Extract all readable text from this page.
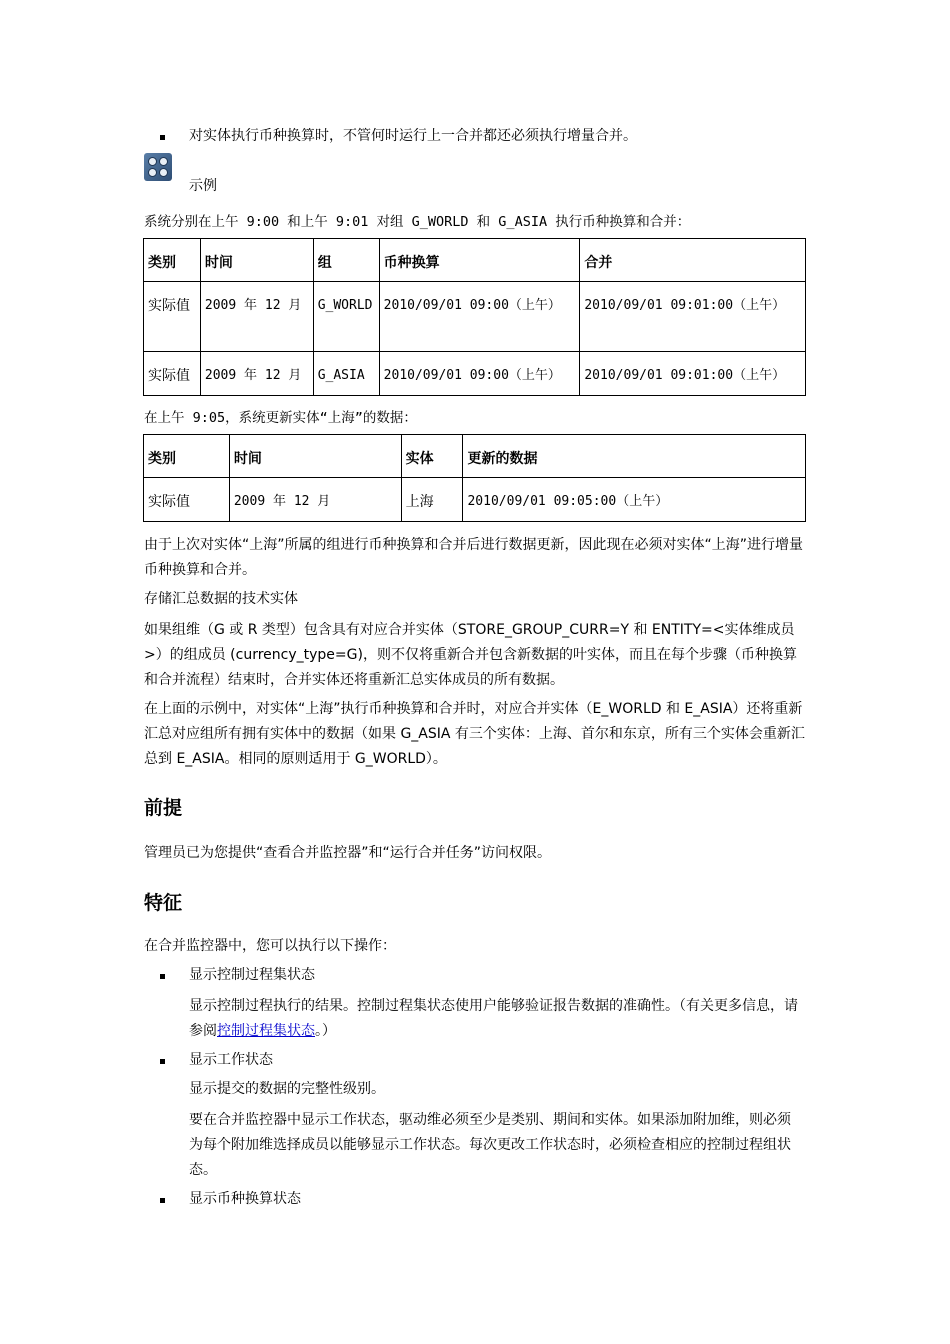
对实体执行币种换算时，不管何时运行上一合并都还必须执行增量合并。
示例
系统分别在上午 9:00 和上午 9:01 对组 G_WORLD 和 G_ASIA 执行币种换算和合并：
类别	时间	组	币种换算	合并
实际值	2009 年 12 月	G_WORLD	2010/09/01 09:00（上午）	2010/09/01 09:01:00（上午）
实际值	2009 年 12 月	G_ASIA	2010/09/01 09:00（上午）	2010/09/01 09:01:00（上午）
在上午 9:05，系统更新实体“上海”的数据：
类别	时间	实体	更新的数据
实际值	2009 年 12 月	上海	2010/09/01 09:05:00（上午）
由于上次对实体“上海”所属的组进行币种换算和合并后进行数据更新，因此现在必须对实体“上海”进行增量币种换算和合并。
存储汇总数据的技术实体
如果组维（G 或 R 类型）包含具有对应合并实体（STORE_GROUP_CURR=Y 和 ENTITY=<实体维成员>）的组成员 (currency_type=G)，则不仅将重新合并包含新数据的叶实体，而且在每个步骤（币种换算和合并流程）结束时，合并实体还将重新汇总实体成员的所有数据。
在上面的示例中，对实体“上海”执行币种换算和合并时，对应合并实体（E_WORLD 和 E_ASIA）还将重新汇总对应组所有拥有实体中的数据（如果 G_ASIA 有三个实体：上海、首尔和东京，所有三个实体会重新汇总到 E_ASIA。相同的原则适用于 G_WORLD）。
前提
管理员已为您提供“查看合并监控器”和“运行合并任务”访问权限。
特征
在合并监控器中，您可以执行以下操作：
显示控制过程集状态
显示控制过程执行的结果。控制过程集状态使用户能够验证报告数据的准确性。（有关更多信息，请参阅控制过程集状态。）
显示工作状态
显示提交的数据的完整性级别。
要在合并监控器中显示工作状态，驱动维必须至少是类别、期间和实体。如果添加附加维，则必须为每个附加维选择成员以能够显示工作状态。每次更改工作状态时，必须检查相应的控制过程组状态。
显示币种换算状态
